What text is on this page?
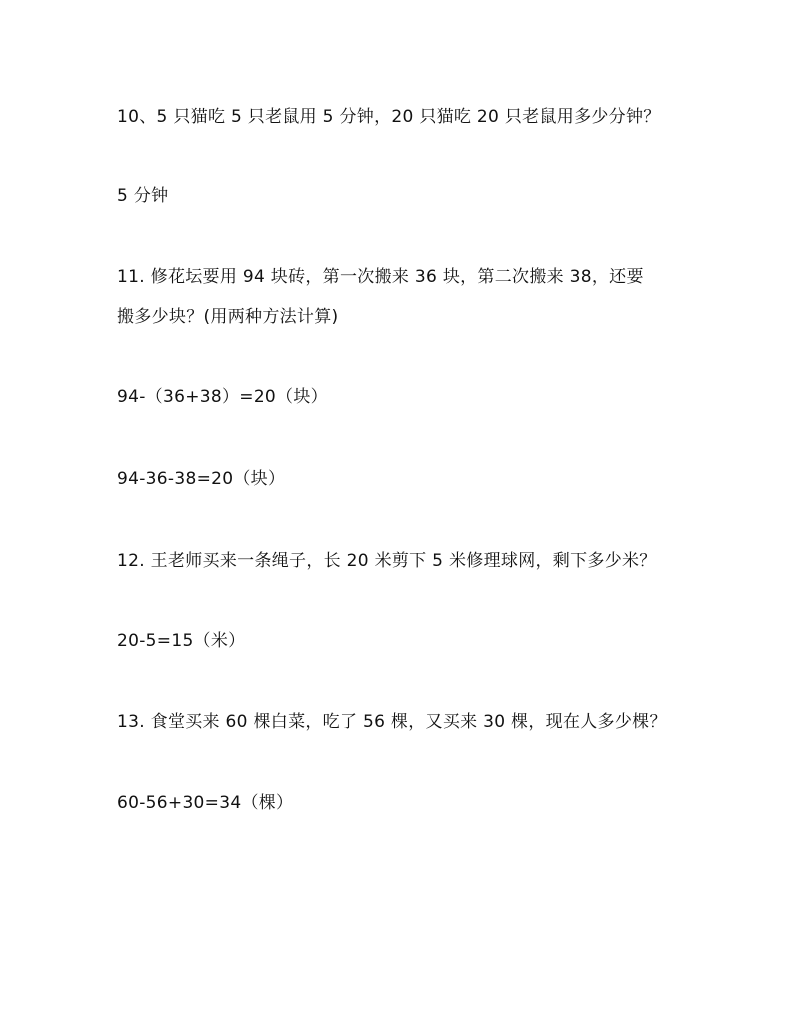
10、5 只猫吃 5 只老鼠用 5 分钟，20 只猫吃 20 只老鼠用多少分钟？
5 分钟
11. 修花坛要用 94 块砖，第一次搬来 36 块，第二次搬来 38，还要
搬多少块？(用两种方法计算)
94-（36+38）=20（块）
94-36-38=20（块）
12. 王老师买来一条绳子，长 20 米剪下 5 米修理球网，剩下多少米？
20-5=15（米）
13. 食堂买来 60 棵白菜，吃了 56 棵，又买来 30 棵，现在人多少棵？
60-56+30=34（棵）
